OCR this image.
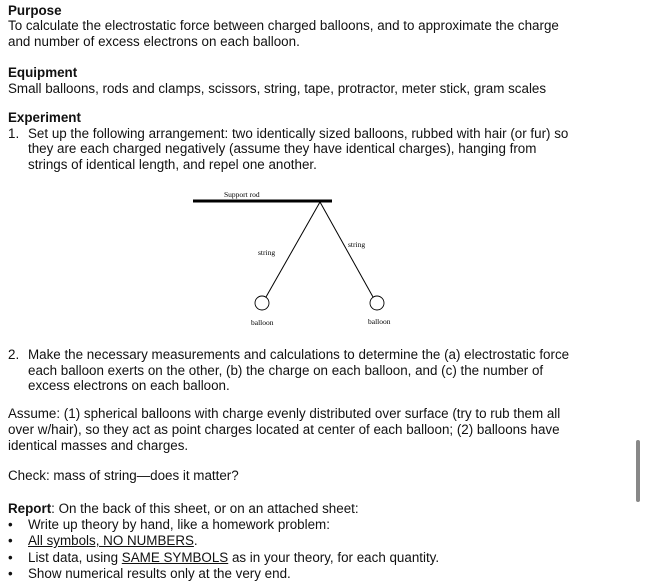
Purpose
To calculate the electrostatic force between charged balloons, and to approximate the charge
and number of excess electrons on each balloon.
Equipment
Small balloons, rods and clamps, scissors, string, tape, protractor, meter stick, gram scales
Experiment
1. Set up the following arrangement: two identically sized balloons, rubbed with hair (or fur) so
they are each charged negatively (assume they have identical charges), hanging from
strings of identical length, and repel one another.
Support rod
string
string
balloon	balloon
2. Make the necessary measurements and calculations to determine the (a) electrostatic force
each balloon exerts on the other, (b) the charge on each balloon, and (c) the number of
excess electrons on each balloon.
Assume: (1) spherical balloons with charge evenly distributed over surface (try to rub them all
over w/hair), so they act as point charges located at center of each balloon; (2) balloons have
identical masses and charges.
Check: mass of string—does it matter?
Report: On the back of this sheet, or on an attached sheet:
• Write up theory by hand, like a homework problem:
• All symbols, NO NUMBERS.
• List data, using SAME SYMBOLS as in your theory, for each quantity.
• Show numerical results only at the very end.
